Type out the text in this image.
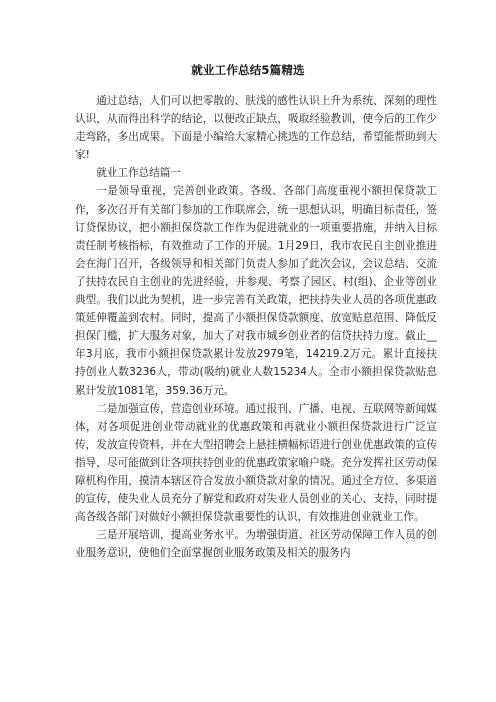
就业工作总结5篇精选

通过总结，人们可以把零散的、肤浅的感性认识上升为系统、深刻的理性认识，从而得出科学的结论，以便改正缺点，吸取经验教训，使今后的工作少走弯路，多出成果。下面是小编给大家精心挑选的工作总结，希望能帮助到大家!

就业工作总结篇一

一是领导重视，完善创业政策。各级、各部门高度重视小额担保贷款工作，多次召开有关部门参加的工作联席会，统一思想认识，明确目标责任，签订贷保协议，把小额担保贷款工作作为促进就业的一项重要措施，并纳入目标责任制考核指标，有效推动了工作的开展。1月29日，我市农民自主创业推进会在海门召开，各级领导和相关部门负责人参加了此次会议，会议总结、交流了扶持农民自主创业的先进经验，并参观、考察了园区、村(组)、企业等创业典型。我们以此为契机，进一步完善有关政策，把扶持失业人员的各项优惠政策延伸覆盖到农村。同时，提高了小额担保贷款额度、放宽贴息范围、降低反担保门槛，扩大服务对象，加大了对我市城乡创业者的信贷扶持力度。截止__年3月底，我市小额担保贷款累计发放2979笔，14219.2万元。累计直接扶持创业人数3236人，带动(吸纳)就业人数15234人。全市小额担保贷款贴息累计发放1081笔，359.36万元。

二是加强宣传，营造创业环境。通过报刊、广播、电视、互联网等新闻媒体，对各项促进创业带动就业的优惠政策和再就业小额担保贷款进行广泛宣传，发放宣传资料，并在大型招聘会上悬挂横幅标语进行创业优惠政策的宣传指导，尽可能做到让各项扶持创业的优惠政策家喻户晓。充分发挥社区劳动保障机构作用，摸清本辖区符合发放小额贷款对象的情况。通过全方位、多渠道的宣传，使失业人员充分了解党和政府对失业人员创业的关心、支持，同时提高各级各部门对做好小额担保贷款重要性的认识，有效推进创业就业工作。

三是开展培训，提高业务水平。为增强街道、社区劳动保障工作人员的创业服务意识，使他们全面掌握创业服务政策及相关的服务内
